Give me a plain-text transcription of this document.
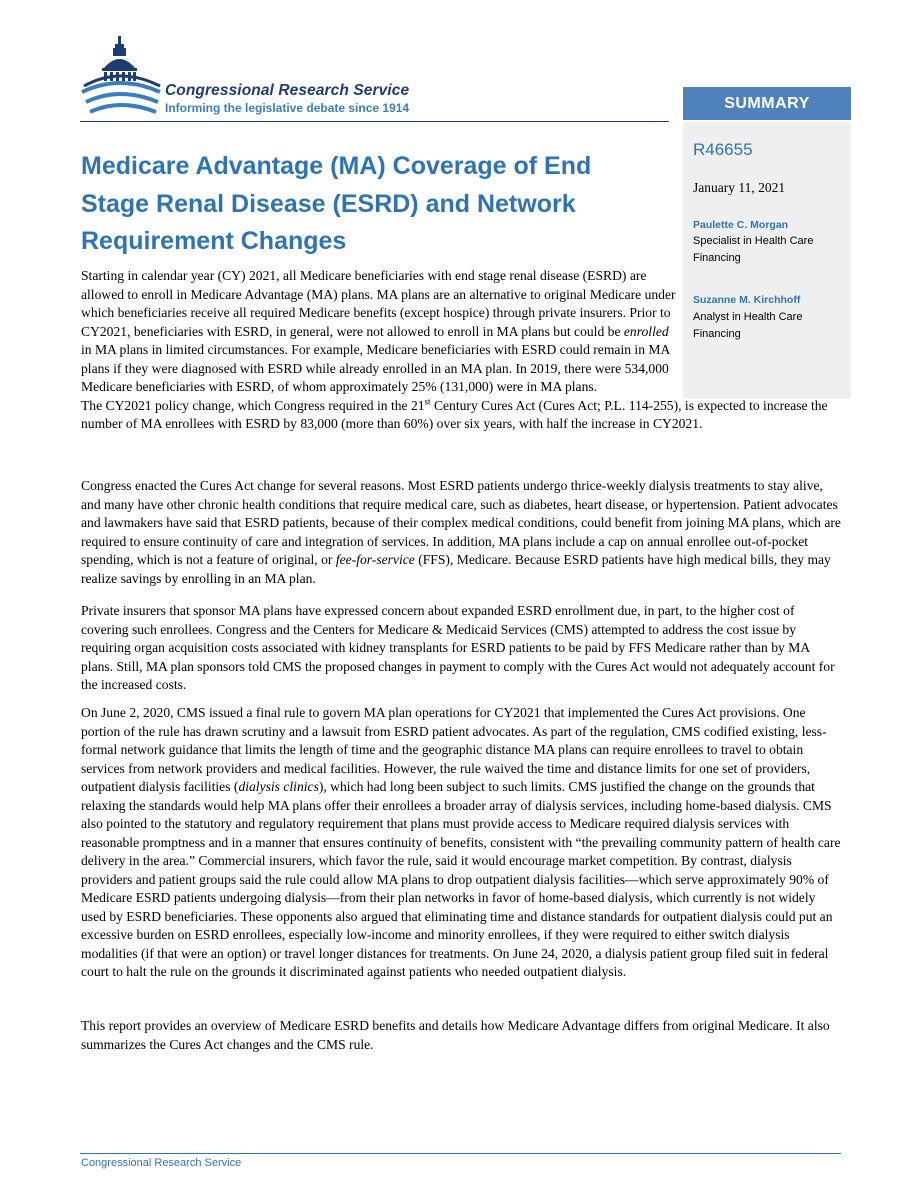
Congressional Research Service
Informing the legislative debate since 1914	SUMMARY
R46655
January 11, 2021
Paulette C. Morgan
Specialist in Health Care Financing
Suzanne M. Kirchhoff
Analyst in Health Care Financing
Medicare Advantage (MA) Coverage of End Stage Renal Disease (ESRD) and Network Requirement Changes

Starting in calendar year (CY) 2021, all Medicare beneficiaries with end stage renal disease (ESRD) are allowed to enroll in Medicare Advantage (MA) plans. MA plans are an alternative to original Medicare under which beneficiaries receive all required Medicare benefits (except hospice) through private insurers. Prior to CY2021, beneficiaries with ESRD, in general, were not allowed to enroll in MA plans but could be enrolled in MA plans in limited circumstances. For example, Medicare beneficiaries with ESRD could remain in MA plans if they were diagnosed with ESRD while already enrolled in an MA plan. In 2019, there were 534,000 Medicare beneficiaries with ESRD, of whom approximately 25% (131,000) were in MA plans.
The CY2021 policy change, which Congress required in the 21st Century Cures Act (Cures Act; P.L. 114-255), is expected to increase the number of MA enrollees with ESRD by 83,000 (more than 60%) over six years, with half the increase in CY2021.

Congress enacted the Cures Act change for several reasons. Most ESRD patients undergo thrice-weekly dialysis treatments to stay alive, and many have other chronic health conditions that require medical care, such as diabetes, heart disease, or hypertension. Patient advocates and lawmakers have said that ESRD patients, because of their complex medical conditions, could benefit from joining MA plans, which are required to ensure continuity of care and integration of services. In addition, MA plans include a cap on annual enrollee out-of-pocket spending, which is not a feature of original, or fee-for-service (FFS), Medicare. Because ESRD patients have high medical bills, they may realize savings by enrolling in an MA plan.

Private insurers that sponsor MA plans have expressed concern about expanded ESRD enrollment due, in part, to the higher cost of covering such enrollees. Congress and the Centers for Medicare & Medicaid Services (CMS) attempted to address the cost issue by requiring organ acquisition costs associated with kidney transplants for ESRD patients to be paid by FFS Medicare rather than by MA plans. Still, MA plan sponsors told CMS the proposed changes in payment to comply with the Cures Act would not adequately account for the increased costs.

On June 2, 2020, CMS issued a final rule to govern MA plan operations for CY2021 that implemented the Cures Act provisions. One portion of the rule has drawn scrutiny and a lawsuit from ESRD patient advocates. As part of the regulation, CMS codified existing, less-formal network guidance that limits the length of time and the geographic distance MA plans can require enrollees to travel to obtain services from network providers and medical facilities. However, the rule waived the time and distance limits for one set of providers, outpatient dialysis facilities (dialysis clinics), which had long been subject to such limits. CMS justified the change on the grounds that relaxing the standards would help MA plans offer their enrollees a broader array of dialysis services, including home-based dialysis. CMS also pointed to the statutory and regulatory requirement that plans must provide access to Medicare required dialysis services with reasonable promptness and in a manner that ensures continuity of benefits, consistent with “the prevailing community pattern of health care delivery in the area.” Commercial insurers, which favor the rule, said it would encourage market competition. By contrast, dialysis providers and patient groups said the rule could allow MA plans to drop outpatient dialysis facilities—which serve approximately 90% of Medicare ESRD patients undergoing dialysis—from their plan networks in favor of home-based dialysis, which currently is not widely used by ESRD beneficiaries. These opponents also argued that eliminating time and distance standards for outpatient dialysis could put an excessive burden on ESRD enrollees, especially low-income and minority enrollees, if they were required to either switch dialysis modalities (if that were an option) or travel longer distances for treatments. On June 24, 2020, a dialysis patient group filed suit in federal court to halt the rule on the grounds it discriminated against patients who needed outpatient dialysis.

This report provides an overview of Medicare ESRD benefits and details how Medicare Advantage differs from original Medicare. It also summarizes the Cures Act changes and the CMS rule.

Congressional Research Service
